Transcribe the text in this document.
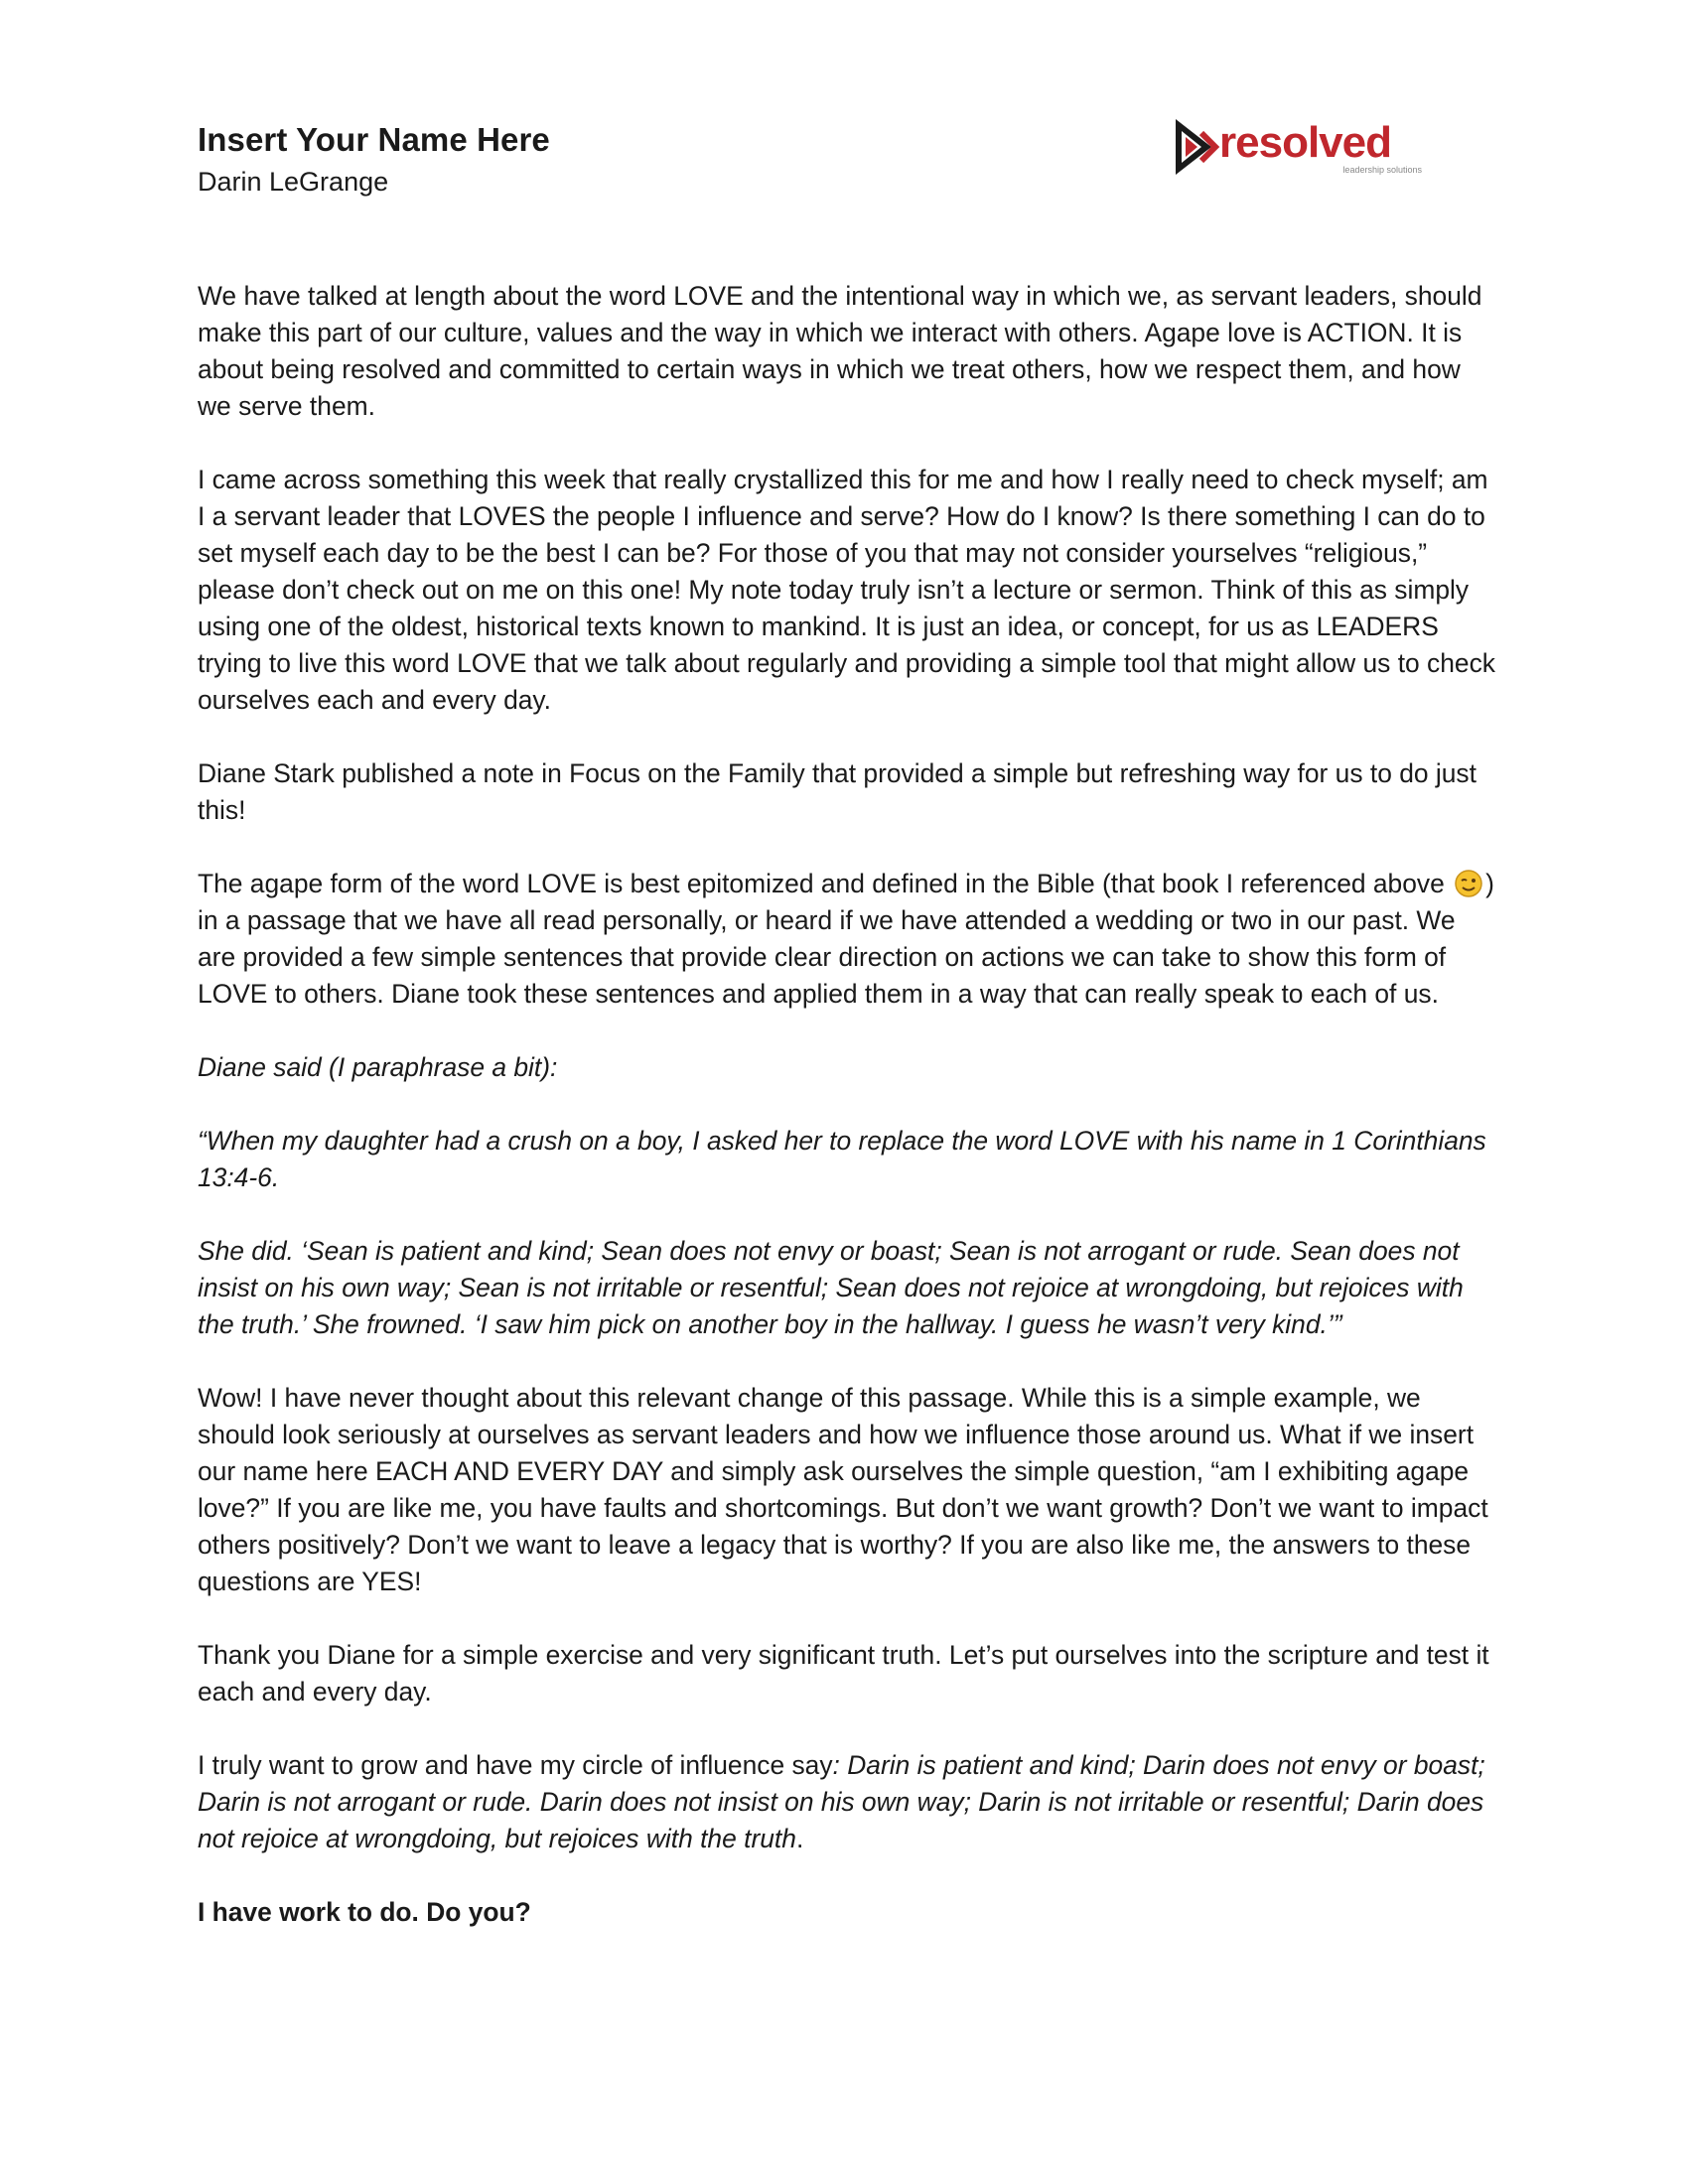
Insert Your Name Here
Darin LeGrange
resolved
leadership solutions

We have talked at length about the word LOVE and the intentional way in which we, as servant leaders, should make this part of our culture, values and the way in which we interact with others. Agape love is ACTION. It is about being resolved and committed to certain ways in which we treat others, how we respect them, and how we serve them.

I came across something this week that really crystallized this for me and how I really need to check myself; am I a servant leader that LOVES the people I influence and serve? How do I know? Is there something I can do to set myself each day to be the best I can be? For those of you that may not consider yourselves “religious,” please don’t check out on me on this one! My note today truly isn’t a lecture or sermon. Think of this as simply using one of the oldest, historical texts known to mankind. It is just an idea, or concept, for us as LEADERS trying to live this word LOVE that we talk about regularly and providing a simple tool that might allow us to check ourselves each and every day.

Diane Stark published a note in Focus on the Family that provided a simple but refreshing way for us to do just this!

The agape form of the word LOVE is best epitomized and defined in the Bible (that book I referenced above ) in a passage that we have all read personally, or heard if we have attended a wedding or two in our past. We are provided a few simple sentences that provide clear direction on actions we can take to show this form of LOVE to others. Diane took these sentences and applied them in a way that can really speak to each of us.

Diane said (I paraphrase a bit):

“When my daughter had a crush on a boy, I asked her to replace the word LOVE with his name in 1 Corinthians 13:4-6.

She did. ‘Sean is patient and kind; Sean does not envy or boast; Sean is not arrogant or rude. Sean does not insist on his own way; Sean is not irritable or resentful; Sean does not rejoice at wrongdoing, but rejoices with the truth.’ She frowned. ‘I saw him pick on another boy in the hallway. I guess he wasn’t very kind.’”

Wow! I have never thought about this relevant change of this passage. While this is a simple example, we should look seriously at ourselves as servant leaders and how we influence those around us. What if we insert our name here EACH AND EVERY DAY and simply ask ourselves the simple question, “am I exhibiting agape love?” If you are like me, you have faults and shortcomings. But don’t we want growth? Don’t we want to impact others positively? Don’t we want to leave a legacy that is worthy? If you are also like me, the answers to these questions are YES!

Thank you Diane for a simple exercise and very significant truth. Let’s put ourselves into the scripture and test it each and every day.

I truly want to grow and have my circle of influence say: Darin is patient and kind; Darin does not envy or boast; Darin is not arrogant or rude. Darin does not insist on his own way; Darin is not irritable or resentful; Darin does not rejoice at wrongdoing, but rejoices with the truth.

I have work to do. Do you?
